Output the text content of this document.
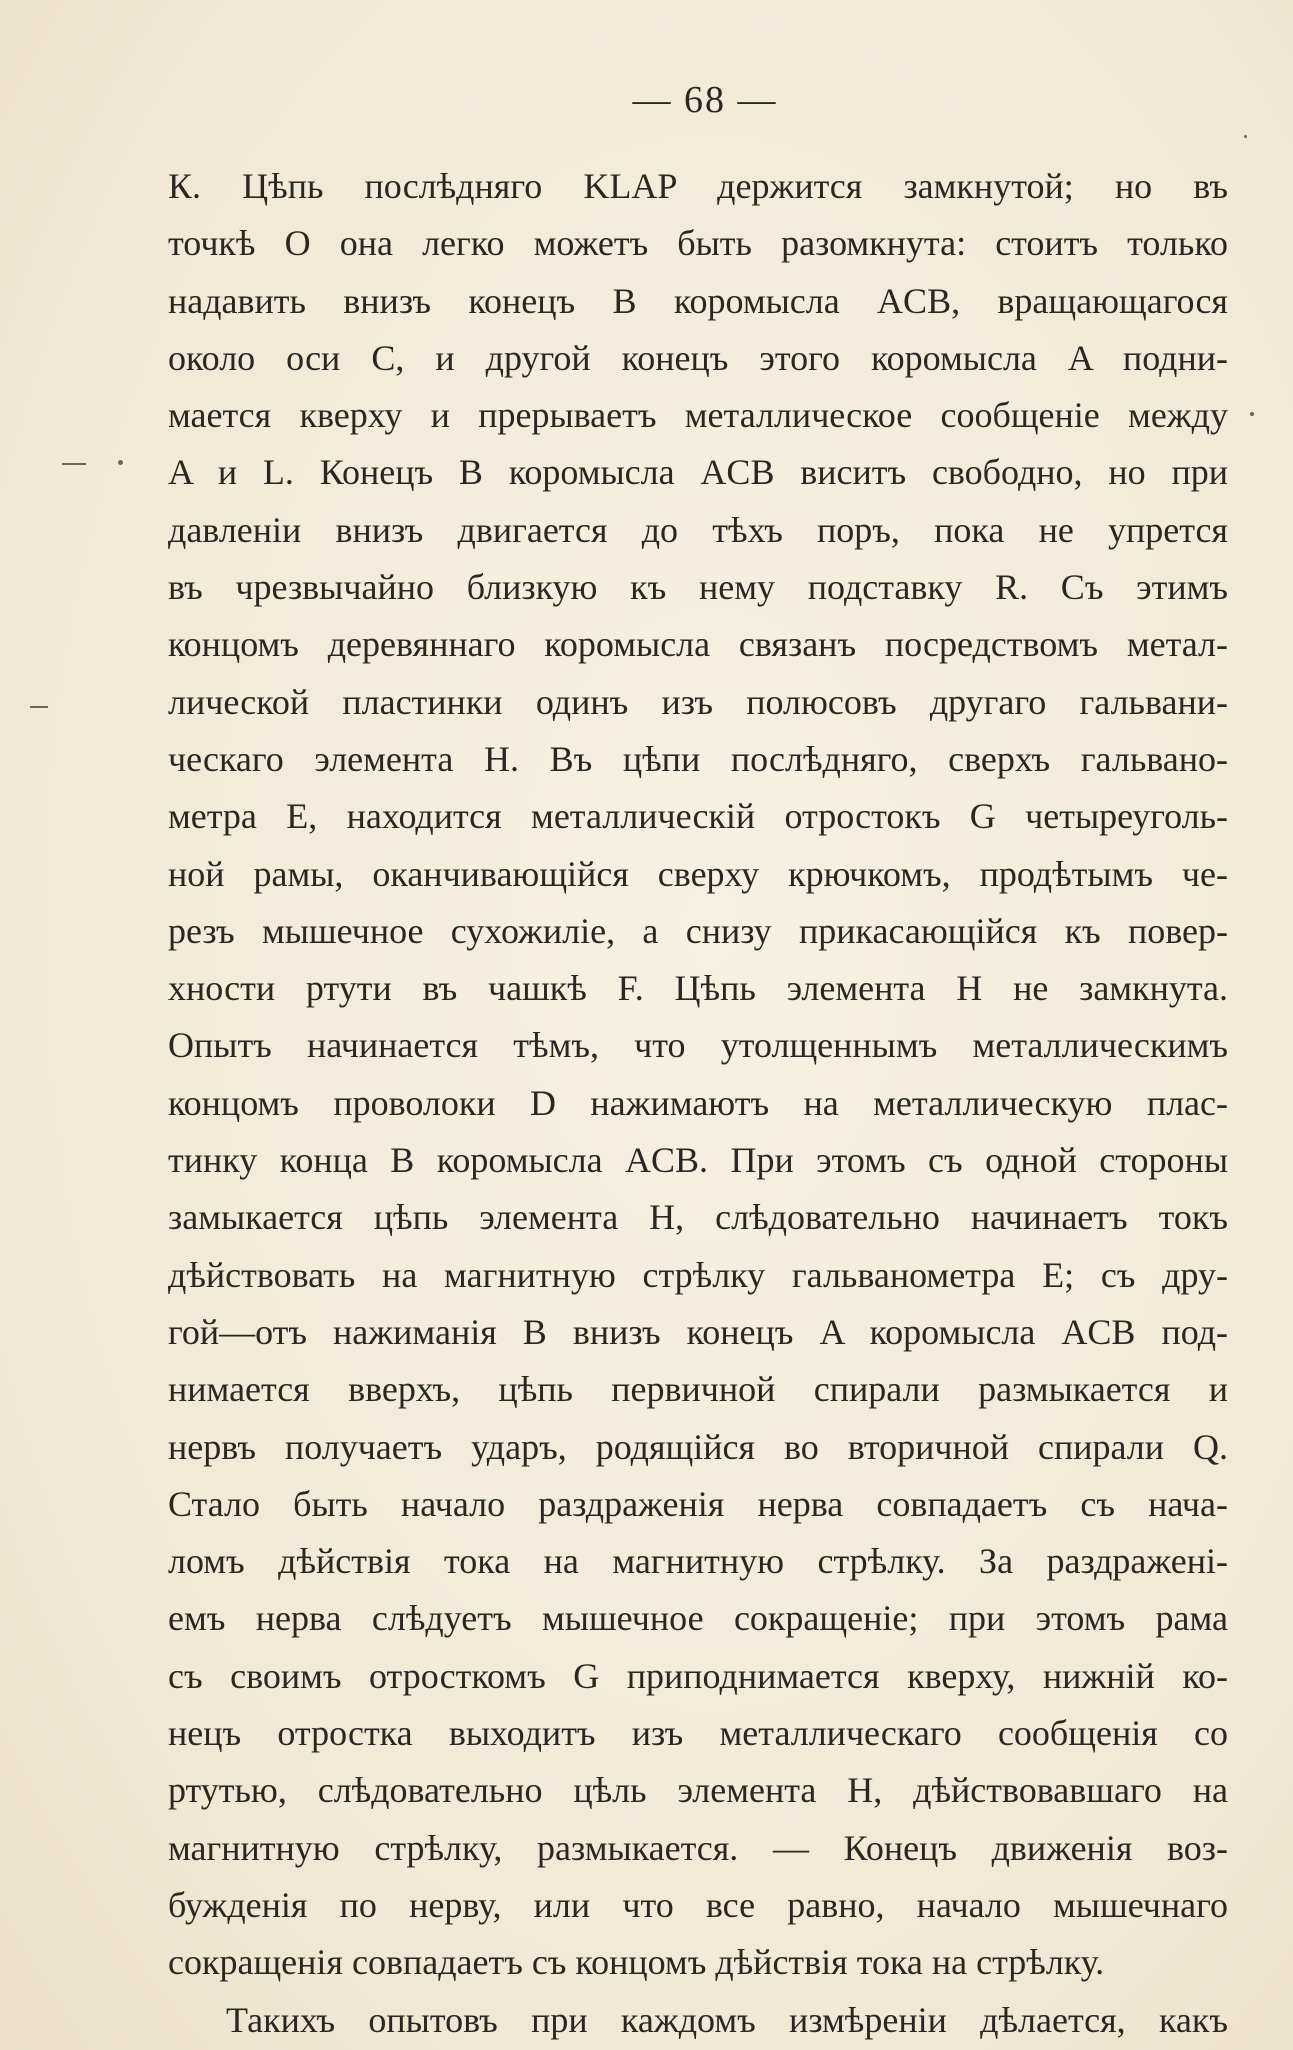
— 68 —
К. Цѣпь послѣдняго KLAP держится замкнутой; но въ
точкѣ O она легко можетъ быть разомкнута: стоитъ только
надавить внизъ конецъ B коромысла ACB, вращающагося
около оси C, и другой конецъ этого коромысла A подни-
мается кверху и прерываетъ металлическое сообщенiе между
A и L. Конецъ B коромысла ACB виситъ свободно, но при
давленiи внизъ двигается до тѣхъ поръ, пока не упрется
въ чрезвычайно близкую къ нему подставку R. Съ этимъ
концомъ деревяннаго коромысла связанъ посредствомъ метал-
лической пластинки одинъ изъ полюсовъ другаго гальвани-
ческаго элемента H. Въ цѣпи послѣдняго, сверхъ гальвано-
метра E, находится металлическiй отростокъ G четыреуголь-
ной рамы, оканчивающiйся сверху крючкомъ, продѣтымъ че-
резъ мышечное сухожилiе, а снизу прикасающiйся къ повер-
хности ртути въ чашкѣ F. Цѣпь элемента H не замкнута.
Опытъ начинается тѣмъ, что утолщеннымъ металлическимъ
концомъ проволоки D нажимаютъ на металлическую плас-
тинку конца B коромысла ACB. При этомъ съ одной стороны
замыкается цѣпь элемента H, слѣдовательно начинаетъ токъ
дѣйствовать на магнитную стрѣлку гальванометра E; съ дру-
гой—отъ нажиманiя B внизъ конецъ A коромысла ACB под-
нимается вверхъ, цѣпь первичной спирали размыкается и
нервъ получаетъ ударъ, родящiйся во вторичной спирали Q.
Стало быть начало раздраженiя нерва совпадаетъ съ нача-
ломъ дѣйствiя тока на магнитную стрѣлку. За раздраженi-
емъ нерва слѣдуетъ мышечное сокращенiе; при этомъ рама
съ своимъ отросткомъ G приподнимается кверху, нижнiй ко-
нецъ отростка выходитъ изъ металлическаго сообщенiя со
ртутью, слѣдовательно цѣль элемента H, дѣйствовавшаго на
магнитную стрѣлку, размыкается. — Конецъ движенiя воз-
бужденiя по нерву, или что все равно, начало мышечнаго
сокращенiя совпадаетъ съ концомъ дѣйствiя тока на стрѣлку.
Такихъ опытовъ при каждомъ измѣренiи дѣлается, какъ
